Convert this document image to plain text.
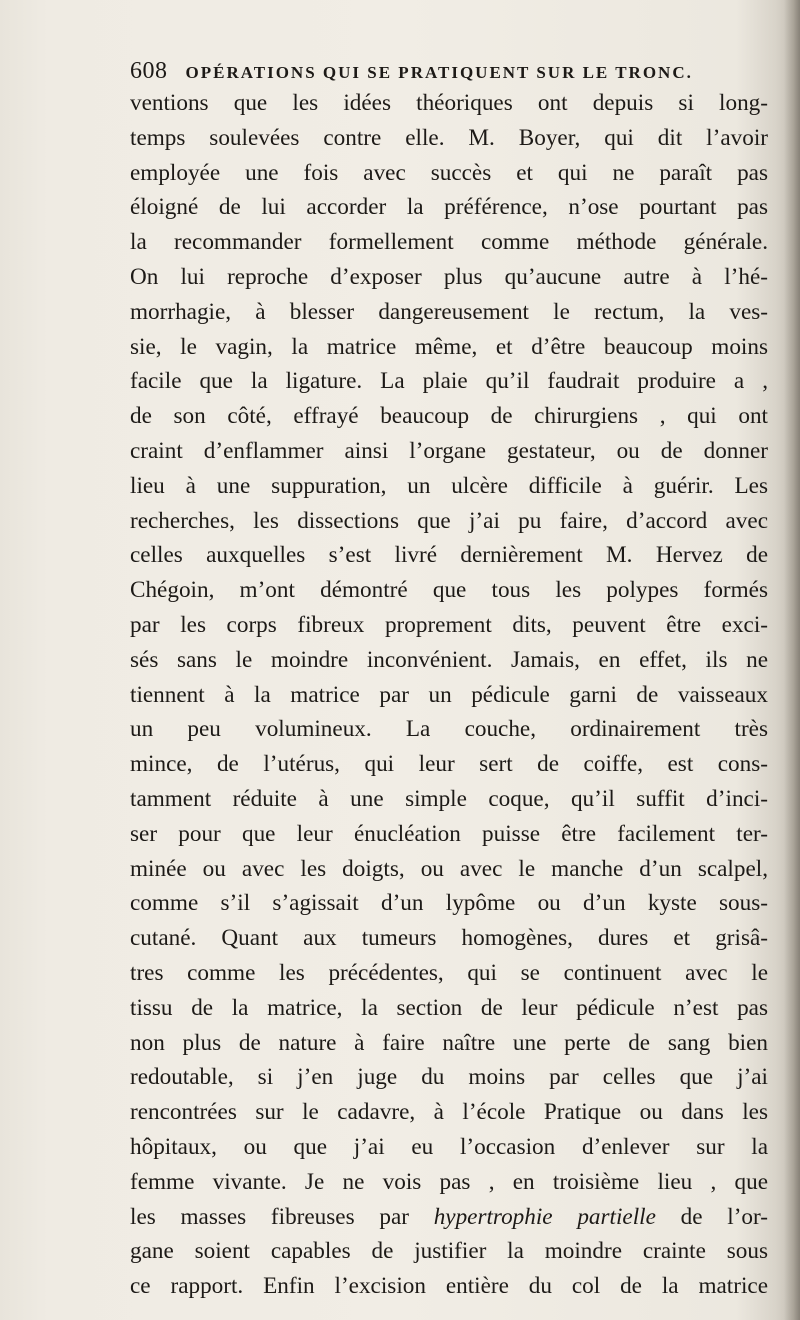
608 OPÉRATIONS QUI SE PRATIQUENT SUR LE TRONC.
ventions que les idées théoriques ont depuis si long-
temps soulevées contre elle. M. Boyer, qui dit l’avoir
employée une fois avec succès et qui ne paraît pas
éloigné de lui accorder la préférence, n’ose pourtant pas
la recommander formellement comme méthode générale.
On lui reproche d’exposer plus qu’aucune autre à l’hé-
morrhagie, à blesser dangereusement le rectum, la ves-
sie, le vagin, la matrice même, et d’être beaucoup moins
facile que la ligature. La plaie qu’il faudrait produire a ,
de son côté, effrayé beaucoup de chirurgiens , qui ont
craint d’enflammer ainsi l’organe gestateur, ou de donner
lieu à une suppuration, un ulcère difficile à guérir. Les
recherches, les dissections que j’ai pu faire, d’accord avec
celles auxquelles s’est livré dernièrement M. Hervez de
Chégoin, m’ont démontré que tous les polypes formés
par les corps fibreux proprement dits, peuvent être exci-
sés sans le moindre inconvénient. Jamais, en effet, ils ne
tiennent à la matrice par un pédicule garni de vaisseaux
un peu volumineux. La couche, ordinairement très
mince, de l’utérus, qui leur sert de coiffe, est cons-
tamment réduite à une simple coque, qu’il suffit d’inci-
ser pour que leur énucléation puisse être facilement ter-
minée ou avec les doigts, ou avec le manche d’un scalpel,
comme s’il s’agissait d’un lypôme ou d’un kyste sous-
cutané. Quant aux tumeurs homogènes, dures et grisâ-
tres comme les précédentes, qui se continuent avec le
tissu de la matrice, la section de leur pédicule n’est pas
non plus de nature à faire naître une perte de sang bien
redoutable, si j’en juge du moins par celles que j’ai
rencontrées sur le cadavre, à l’école Pratique ou dans les
hôpitaux, ou que j’ai eu l’occasion d’enlever sur la
femme vivante. Je ne vois pas , en troisième lieu , que
les masses fibreuses par hypertrophie partielle de l’or-
gane soient capables de justifier la moindre crainte sous
ce rapport. Enfin l’excision entière du col de la matrice
